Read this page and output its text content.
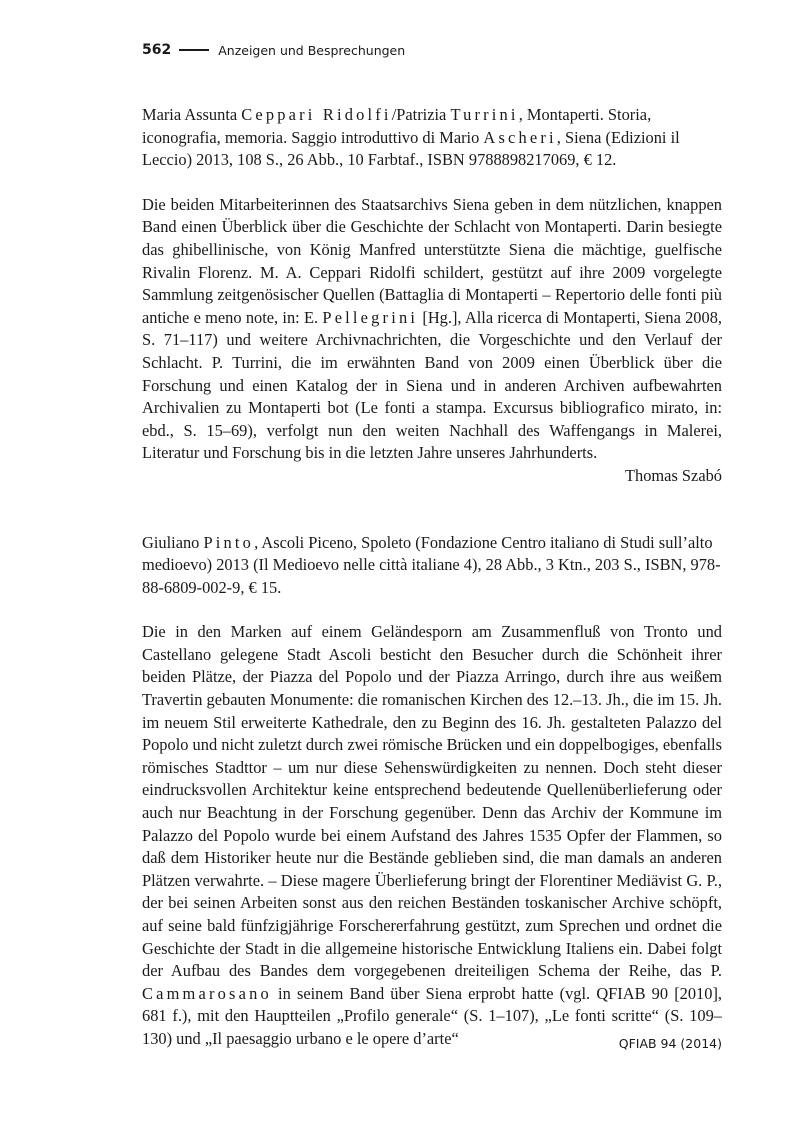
562	Anzeigen und Besprechungen

Maria Assunta Ceppari Ridolfi/Patrizia Turrini, Montaperti. Storia, iconografia, memoria. Saggio introduttivo di Mario Ascheri, Siena (Edizioni il Leccio) 2013, 108 S., 26 Abb., 10 Farbtaf., ISBN 9788898217069, € 12.

Die beiden Mitarbeiterinnen des Staatsarchivs Siena geben in dem nützlichen, knappen Band einen Überblick über die Geschichte der Schlacht von Montaperti. Darin besiegte das ghibellinische, von König Manfred unterstützte Siena die mächtige, guelfische Rivalin Florenz. M. A. Ceppari Ridolfi schildert, gestützt auf ihre 2009 vorgelegte Sammlung zeitgenösischer Quellen (Battaglia di Montaperti – Repertorio delle fonti più antiche e meno note, in: E. Pellegrini [Hg.], Alla ricerca di Montaperti, Siena 2008, S. 71–117) und weitere Archivnachrichten, die Vorgeschichte und den Verlauf der Schlacht. P. Turrini, die im erwähnten Band von 2009 einen Überblick über die Forschung und einen Katalog der in Siena und in anderen Archiven aufbewahrten Archivalien zu Montaperti bot (Le fonti a stampa. Excursus bibliografico mirato, in: ebd., S. 15–69), verfolgt nun den weiten Nachhall des Waffengangs in Malerei, Literatur und Forschung bis in die letzten Jahre unseres Jahrhunderts.

Thomas Szabó

Giuliano Pinto, Ascoli Piceno, Spoleto (Fondazione Centro italiano di Studi sull’alto medioevo) 2013 (Il Medioevo nelle città italiane 4), 28 Abb., 3 Ktn., 203 S., ISBN, 978-88-6809-002-9, € 15.

Die in den Marken auf einem Geländesporn am Zusammenfluß von Tronto und Castellano gelegene Stadt Ascoli besticht den Besucher durch die Schönheit ihrer beiden Plätze, der Piazza del Popolo und der Piazza Arringo, durch ihre aus weißem Travertin gebauten Monumente: die romanischen Kirchen des 12.–13. Jh., die im 15. Jh. im neuem Stil erweiterte Kathedrale, den zu Beginn des 16. Jh. gestalteten Palazzo del Popolo und nicht zuletzt durch zwei römische Brücken und ein doppelbogiges, ebenfalls römisches Stadttor – um nur diese Sehenswürdigkeiten zu nennen. Doch steht dieser eindrucksvollen Architektur keine entsprechend bedeutende Quellenüberlieferung oder auch nur Beachtung in der Forschung gegenüber. Denn das Archiv der Kommune im Palazzo del Popolo wurde bei einem Aufstand des Jahres 1535 Opfer der Flammen, so daß dem Historiker heute nur die Bestände geblieben sind, die man damals an anderen Plätzen verwahrte. – Diese magere Überlieferung bringt der Florentiner Mediävist G. P., der bei seinen Arbeiten sonst aus den reichen Beständen toskanischer Archive schöpft, auf seine bald fünfzigjährige Forschererfahrung gestützt, zum Sprechen und ordnet die Geschichte der Stadt in die allgemeine historische Entwicklung Italiens ein. Dabei folgt der Aufbau des Bandes dem vorgegebenen dreiteiligen Schema der Reihe, das P. Cammarosano in seinem Band über Siena erprobt hatte (vgl. QFIAB 90 [2010], 681 f.), mit den Hauptteilen „Profilo generale“ (S. 1–107), „Le fonti scritte“ (S. 109–130) und „Il paesaggio urbano e le opere d’arte“	QFIAB 94 (2014)
